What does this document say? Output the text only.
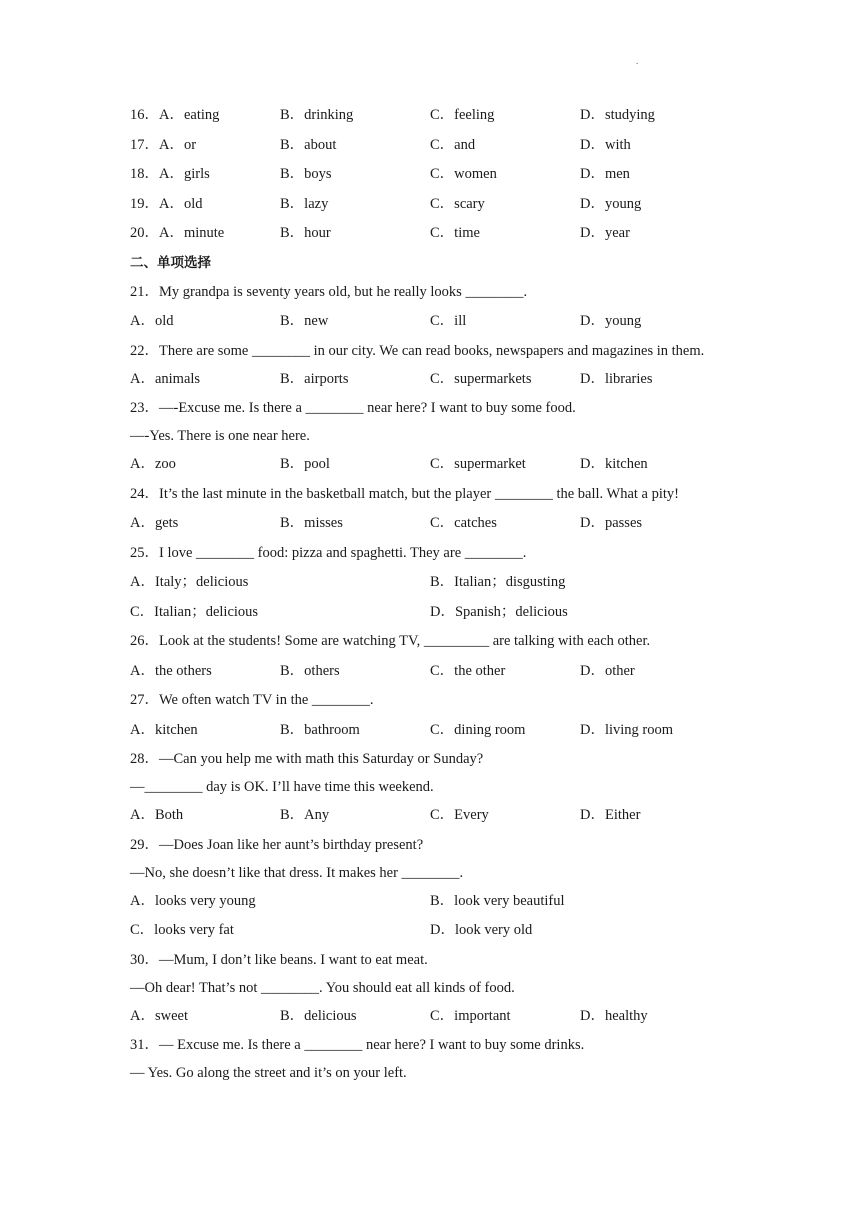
.
16．A．eating	B．drinking	C．feeling	D．studying
17．A．or	B．about	C．and	D．with
18．A．girls	B．boys	C．women	D．men
19．A．old	B．lazy	C．scary	D．young
20．A．minute	B．hour	C．time	D．year
二、单项选择
21．My grandpa is seventy years old, but he really looks ________.
A．old	B．new	C．ill	D．young
22．There are some ________ in our city. We can read books, newspapers and magazines in them.
A．animals	B．airports	C．supermarkets	D．libraries
23．—-Excuse me. Is there a ________ near here? I want to buy some food.
—-Yes. There is one near here.
A．zoo	B．pool	C．supermarket	D．kitchen
24．It’s the last minute in the basketball match, but the player ________ the ball. What a pity!
A．gets	B．misses	C．catches	D．passes
25．I love ________ food: pizza and spaghetti. They are ________.
A．Italy；delicious	B．Italian；disgusting
C．Italian；delicious	D．Spanish；delicious
26．Look at the students! Some are watching TV, _________ are talking with each other.
A．the others	B．others	C．the other	D．other
27．We often watch TV in the ________.
A．kitchen	B．bathroom	C．dining room	D．living room
28．—Can you help me with math this Saturday or Sunday?
—________ day is OK. I’ll have time this weekend.
A．Both	B．Any	C．Every	D．Either
29．—Does Joan like her aunt’s birthday present?
—No, she doesn’t like that dress. It makes her ________.
A．looks very young	B．look very beautiful
C．looks very fat	D．look very old
30．—Mum, I don’t like beans. I want to eat meat.
—Oh dear! That’s not ________. You should eat all kinds of food.
A．sweet	B．delicious	C．important	D．healthy
31．— Excuse me. Is there a ________ near here? I want to buy some drinks.
— Yes. Go along the street and it’s on your left.
